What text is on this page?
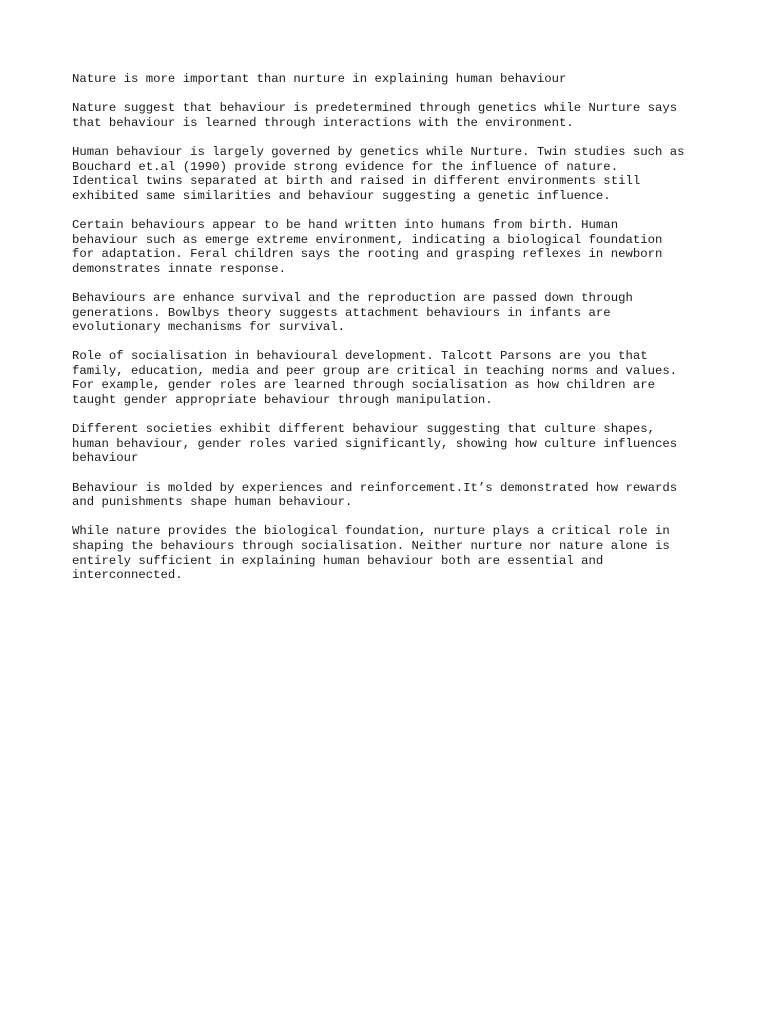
Nature is more important than nurture in explaining human behaviour

Nature suggest that behaviour is predetermined through genetics while Nurture says
that behaviour is learned through interactions with the environment.

Human behaviour is largely governed by genetics while Nurture. Twin studies such as
Bouchard et.al (1990) provide strong evidence for the influence of nature.
Identical twins separated at birth and raised in different environments still
exhibited same similarities and behaviour suggesting a genetic influence.

Certain behaviours appear to be hand written into humans from birth. Human
behaviour such as emerge extreme environment, indicating a biological foundation
for adaptation. Feral children says the rooting and grasping reflexes in newborn
demonstrates innate response.

Behaviours are enhance survival and the reproduction are passed down through
generations. Bowlbys theory suggests attachment behaviours in infants are
evolutionary mechanisms for survival.

Role of socialisation in behavioural development. Talcott Parsons are you that
family, education, media and peer group are critical in teaching norms and values.
For example, gender roles are learned through socialisation as how children are
taught gender appropriate behaviour through manipulation.

Different societies exhibit different behaviour suggesting that culture shapes,
human behaviour, gender roles varied significantly, showing how culture influences
behaviour

Behaviour is molded by experiences and reinforcement.It’s demonstrated how rewards
and punishments shape human behaviour.

While nature provides the biological foundation, nurture plays a critical role in
shaping the behaviours through socialisation. Neither nurture nor nature alone is
entirely sufficient in explaining human behaviour both are essential and
interconnected.
